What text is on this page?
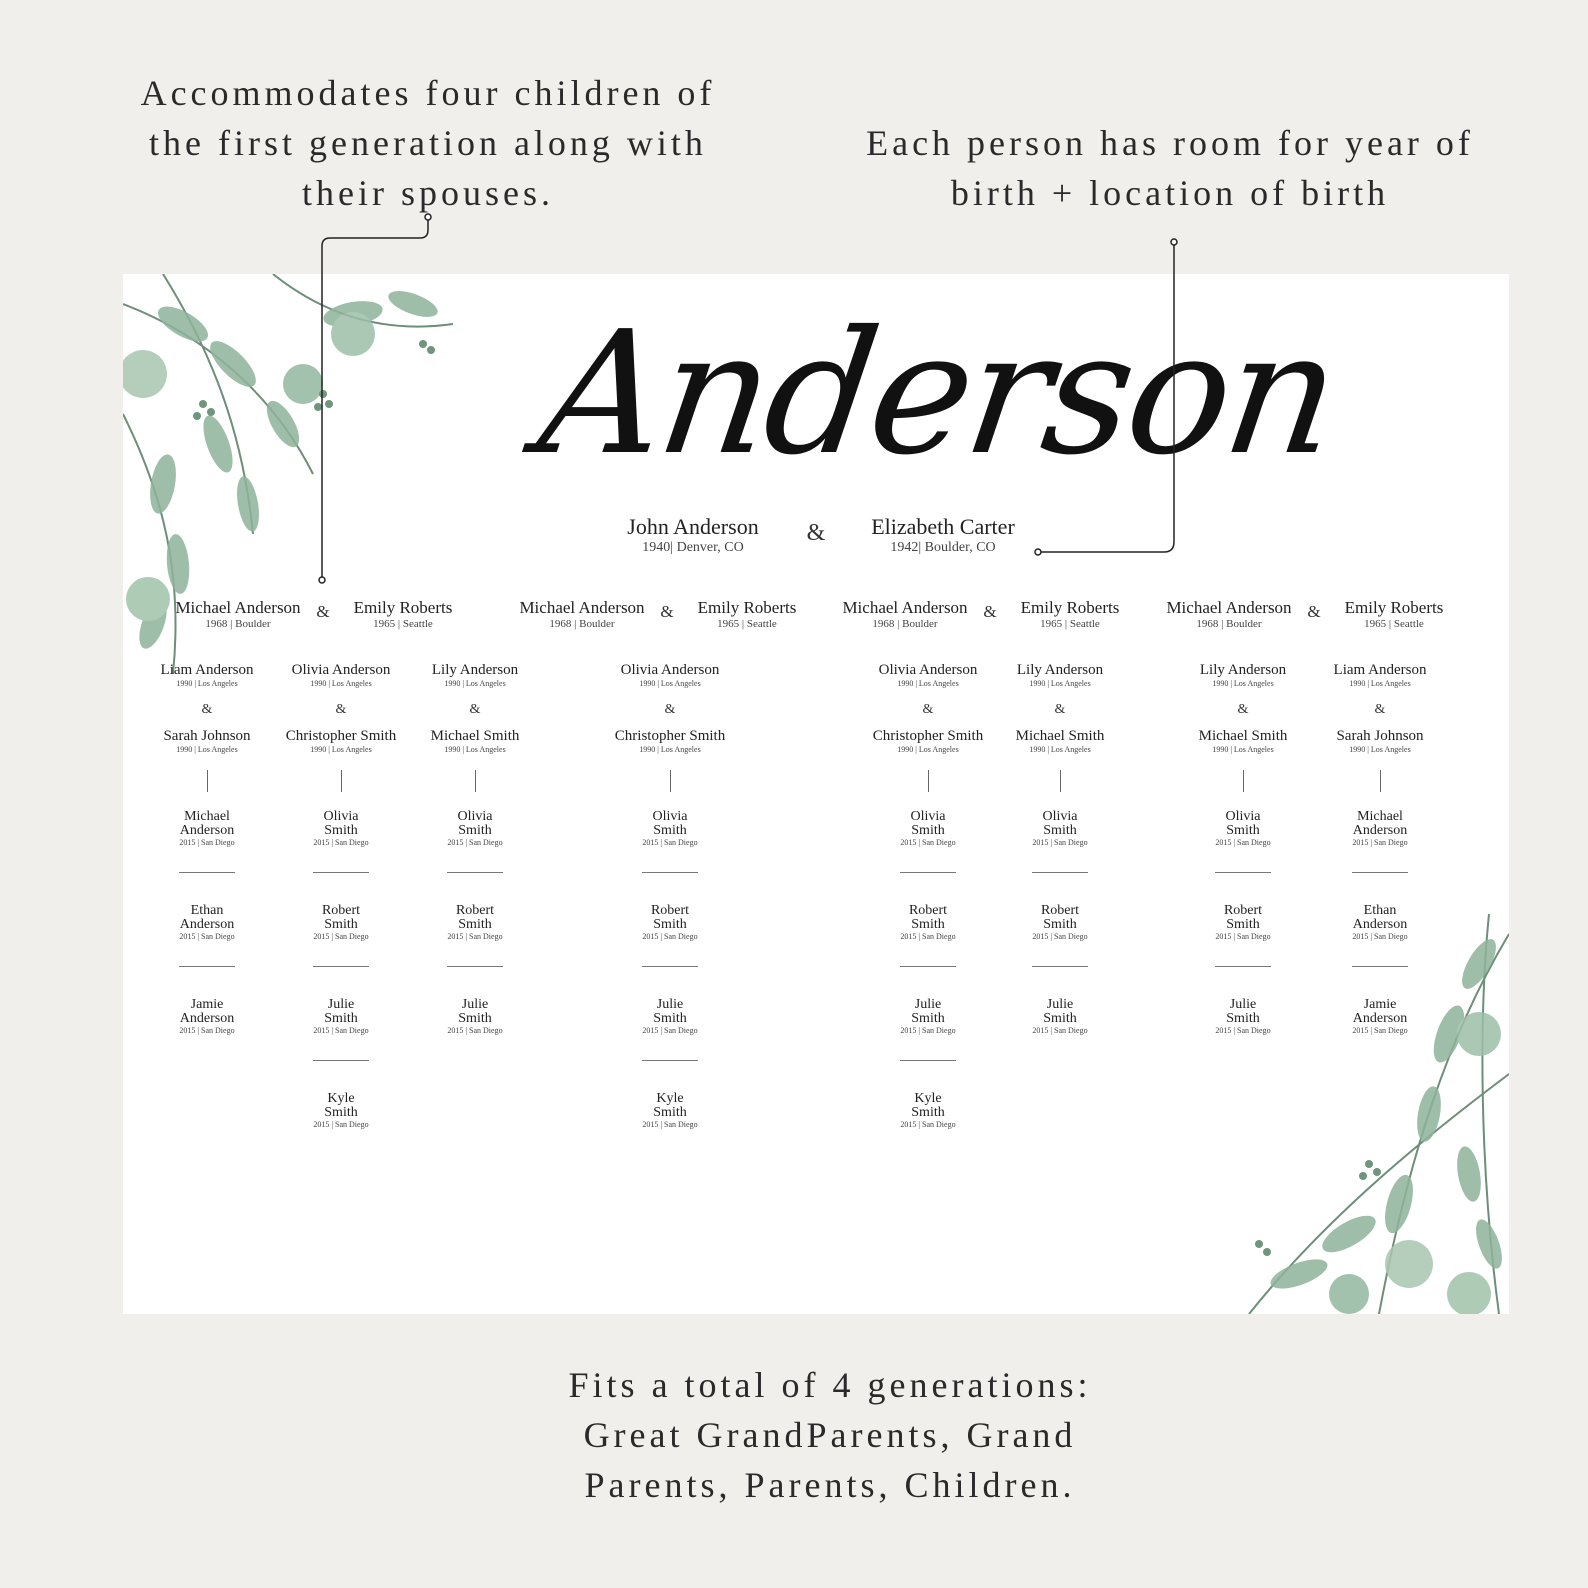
Accommodates four children of
the first generation along with
their spouses.
Each person has room for year of
birth + location of birth
Fits a total of 4 generations:
Great GrandParents, Grand
Parents, Parents, Children.
Anderson
John Anderson
1940| Denver, CO
& Elizabeth Carter
1942| Boulder, CO
Michael Anderson
1968 | Boulder
Emily Roberts
1965 | Seattle
&	Michael Anderson
1968 | Boulder
Emily Roberts
1965 | Seattle
&	Michael Anderson
1968 | Boulder
Emily Roberts
1965 | Seattle
&	Michael Anderson
1968 | Boulder
Emily Roberts
1965 | Seattle
&
Liam Anderson
1990 | Los Angeles
&
Sarah Johnson
1990 | Los Angeles
Michael
Anderson
2015 | San Diego
Ethan
Anderson
2015 | San Diego
Jamie
Anderson
2015 | San Diego
Olivia Anderson
1990 | Los Angeles
&
Christopher Smith
1990 | Los Angeles
Olivia
Smith
2015 | San Diego
Robert
Smith
2015 | San Diego
Julie
Smith
2015 | San Diego
Kyle
Smith
2015 | San Diego
Lily Anderson
1990 | Los Angeles
&
Michael Smith
1990 | Los Angeles
Olivia
Smith
2015 | San Diego
Robert
Smith
2015 | San Diego
Julie
Smith
2015 | San Diego
Olivia Anderson
1990 | Los Angeles
&
Christopher Smith
1990 | Los Angeles
Olivia
Smith
2015 | San Diego
Robert
Smith
2015 | San Diego
Julie
Smith
2015 | San Diego
Kyle
Smith
2015 | San Diego
Olivia Anderson
1990 | Los Angeles
&
Christopher Smith
1990 | Los Angeles
Olivia
Smith
2015 | San Diego
Robert
Smith
2015 | San Diego
Julie
Smith
2015 | San Diego
Kyle
Smith
2015 | San Diego
Lily Anderson
1990 | Los Angeles
&
Michael Smith
1990 | Los Angeles
Olivia
Smith
2015 | San Diego
Robert
Smith
2015 | San Diego
Julie
Smith
2015 | San Diego
Lily Anderson
1990 | Los Angeles
&
Michael Smith
1990 | Los Angeles
Olivia
Smith
2015 | San Diego
Robert
Smith
2015 | San Diego
Julie
Smith
2015 | San Diego
Liam Anderson
1990 | Los Angeles
&
Sarah Johnson
1990 | Los Angeles
Michael
Anderson
2015 | San Diego
Ethan
Anderson
2015 | San Diego
Jamie
Anderson
2015 | San Diego
